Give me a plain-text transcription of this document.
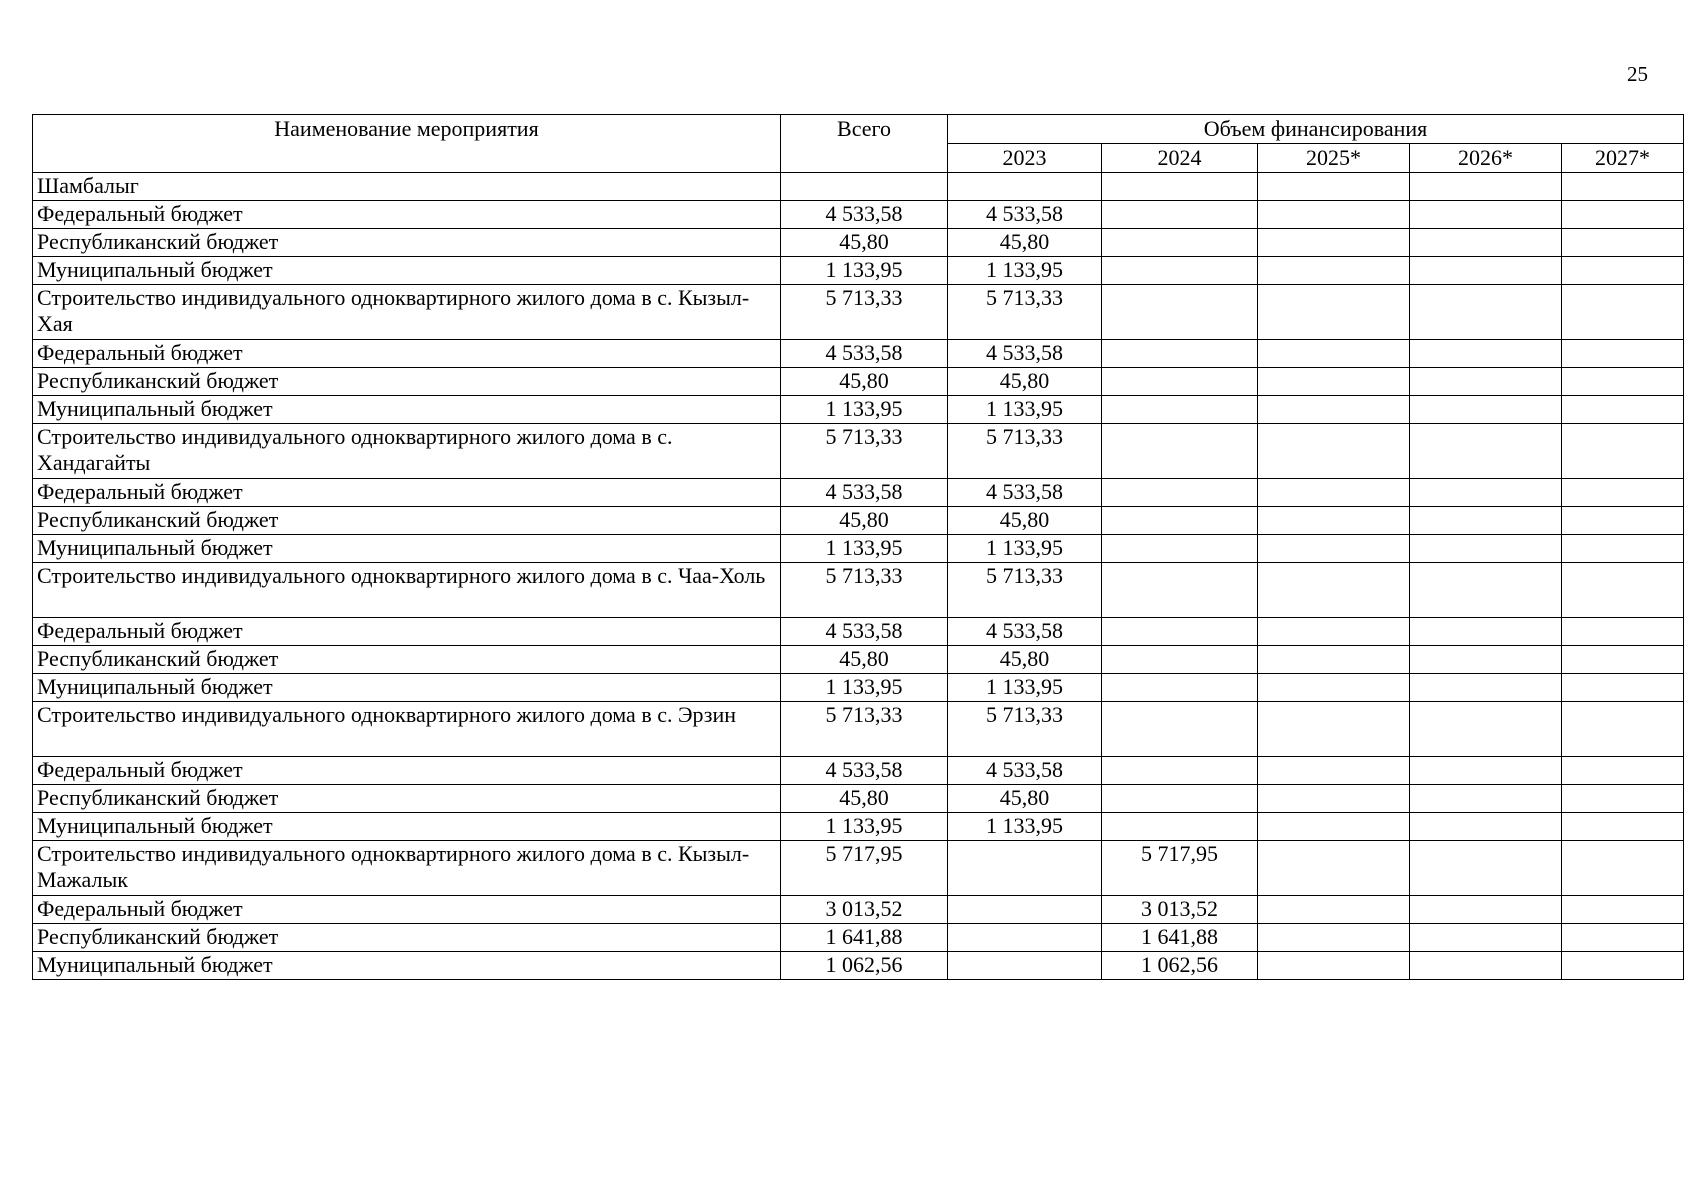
25
Наименование мероприятия	Всего	Объем финансирования				
		2023	2024	2025*	2026*	2027*
Шамбалыг						
Федеральный бюджет	4 533,58	4 533,58				
Республиканский бюджет	45,80	45,80				
Муниципальный бюджет	1 133,95	1 133,95				
Строительство индивидуального одноквартирного жилого дома в с. Кызыл-Хая	5 713,33	5 713,33				
Федеральный бюджет	4 533,58	4 533,58				
Республиканский бюджет	45,80	45,80				
Муниципальный бюджет	1 133,95	1 133,95				
Строительство индивидуального одноквартирного жилого дома в с. Хандагайты	5 713,33	5 713,33				
Федеральный бюджет	4 533,58	4 533,58				
Республиканский бюджет	45,80	45,80				
Муниципальный бюджет	1 133,95	1 133,95				
Строительство индивидуального одноквартирного жилого дома в с. Чаа-Холь	5 713,33	5 713,33				
Федеральный бюджет	4 533,58	4 533,58				
Республиканский бюджет	45,80	45,80				
Муниципальный бюджет	1 133,95	1 133,95				
Строительство индивидуального одноквартирного жилого дома в с. Эрзин	5 713,33	5 713,33				
Федеральный бюджет	4 533,58	4 533,58				
Республиканский бюджет	45,80	45,80				
Муниципальный бюджет	1 133,95	1 133,95				
Строительство индивидуального одноквартирного жилого дома в с. Кызыл-Мажалык	5 717,95		5 717,95			
Федеральный бюджет	3 013,52		3 013,52			
Республиканский бюджет	1 641,88		1 641,88			
Муниципальный бюджет	1 062,56		1 062,56			
